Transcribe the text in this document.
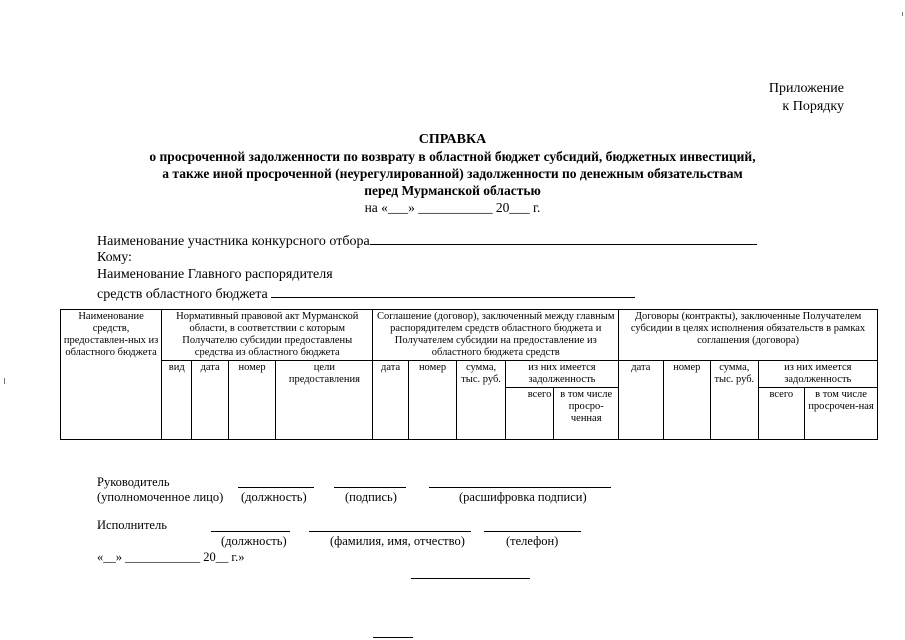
Приложение
к Порядку
СПРАВКА
о просроченной задолженности по возврату в областной бюджет субсидий, бюджетных инвестиций,
а также иной просроченной (неурегулированной) задолженности по денежным обязательствам
перед Мурманской областью
на «___» ___________ 20___ г.
Наименование участника конкурсного отбора
Кому:
Наименование Главного распорядителя
средств областного бюджета
Наименование средств, предоставлен-ных из областного бюджета	Нормативный правовой акт Мурманской области, в соответствии с которым Получателю субсидии предоставлены средства из областного бюджета				Соглашение (договор), заключенный между главным распорядителем средств областного бюджета и Получателем субсидии на предоставление из областного бюджета средств					Договоры (контракты), заключенные Получателем субсидии в целях исполнения обязательств в рамках соглашения (договора)				
	вид	дата	номер	цели предоставления	дата	номер	сумма, тыс. руб.	из них имеется задолженность		дата	номер	сумма, тыс. руб.	из них имеется задолженность	
								всего	в том числе просро-ченная				всего	в том числе просрочен-ная
Руководитель
(уполномоченное лицо) (должность)	(подпись)	(расшифровка подписи)
Исполнитель
(должность)	(фамилия, имя, отчество)	(телефон)
«__» ____________ 20__ г.»
